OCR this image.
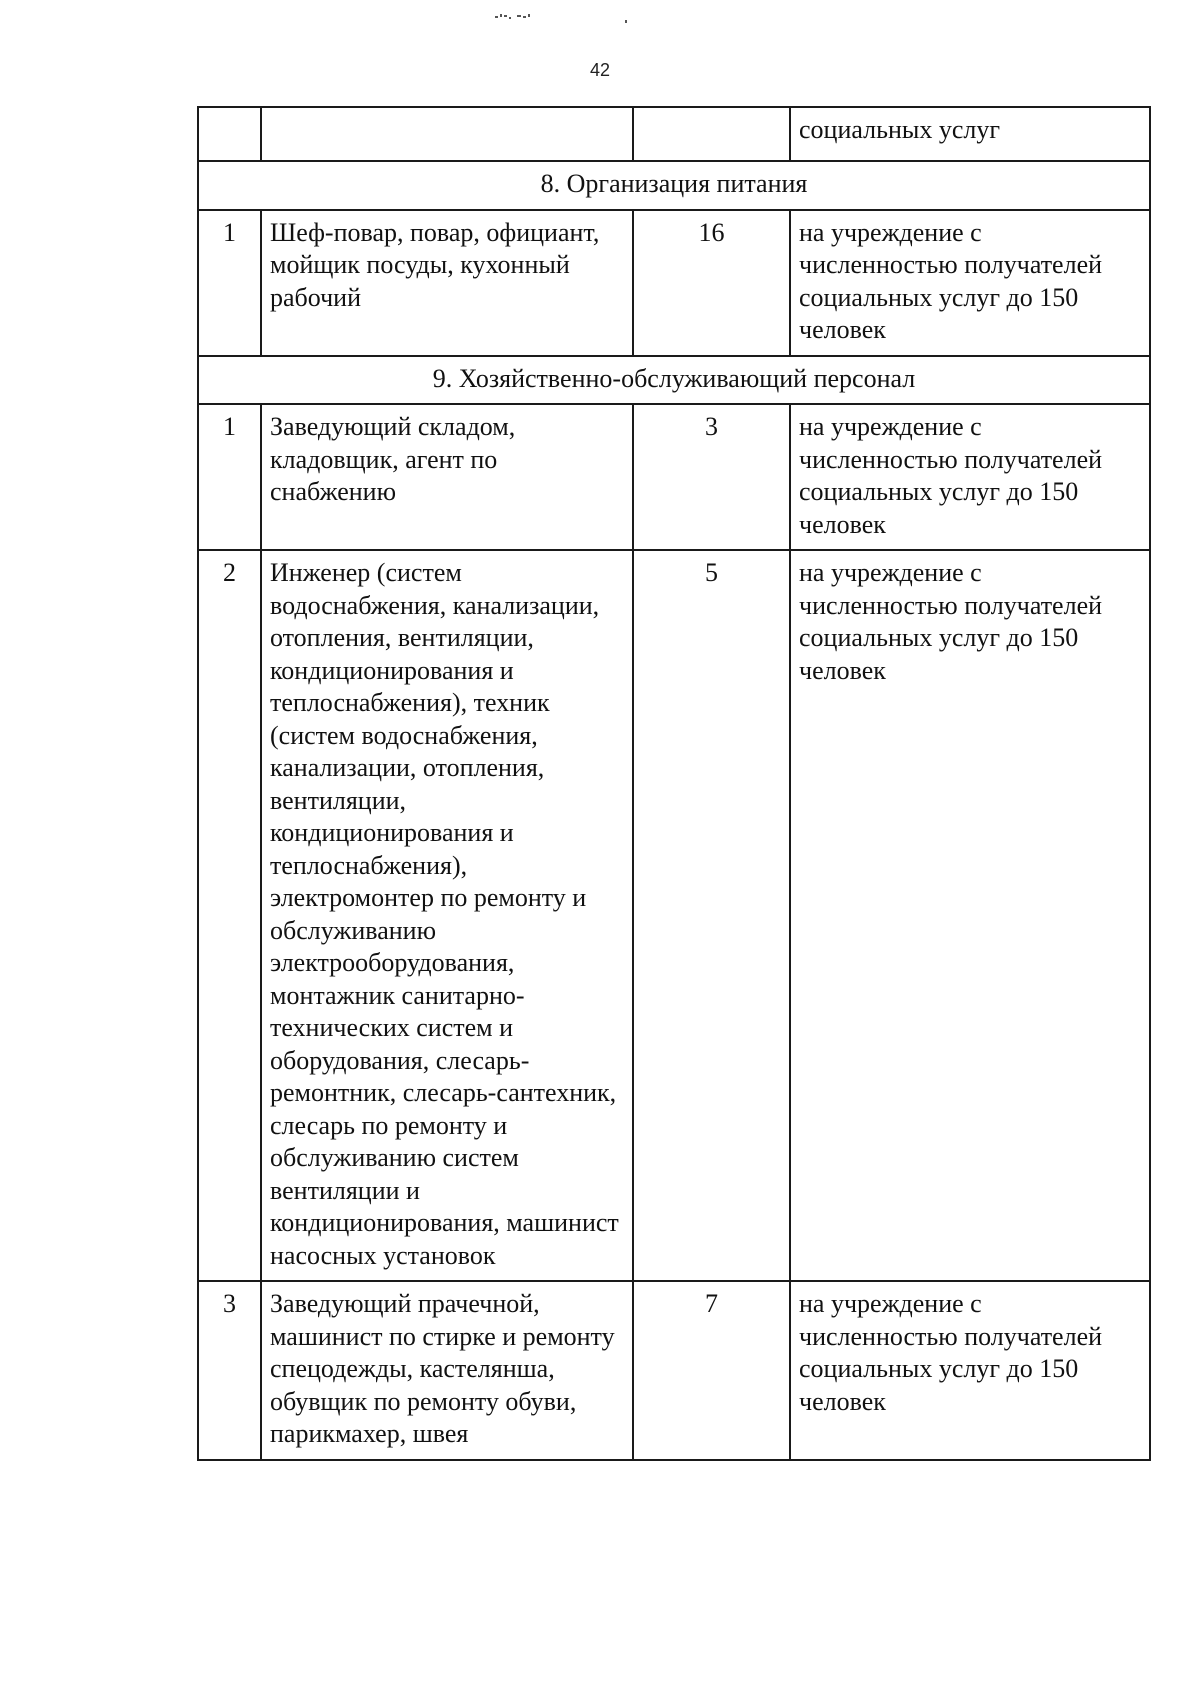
42
			социальных услуг
8. Организация питания			
1	Шеф-повар, повар, официант, мойщик посуды, кухонный рабочий	16	на учреждение с численностью получателей социальных услуг до 150 человек
9. Хозяйственно-обслуживающий персонал			
1	Заведующий складом, кладовщик, агент по снабжению	3	на учреждение с численностью получателей социальных услуг до 150 человек
2	Инженер (систем водоснабжения, канализации, отопления, вентиляции, кондиционирования и теплоснабжения), техник (систем водоснабжения, канализации, отопления, вентиляции, кондиционирования и теплоснабжения), электромонтер по ремонту и обслуживанию электрооборудования, монтажник санитарно-технических систем и оборудования, слесарь-ремонтник, слесарь-сантехник, слесарь по ремонту и обслуживанию систем вентиляции и кондиционирования, машинист насосных установок	5	на учреждение с численностью получателей социальных услуг до 150 человек
3	Заведующий прачечной, машинист по стирке и ремонту спецодежды, кастелянша, обувщик по ремонту обуви, парикмахер, швея	7	на учреждение с численностью получателей социальных услуг до 150 человек
